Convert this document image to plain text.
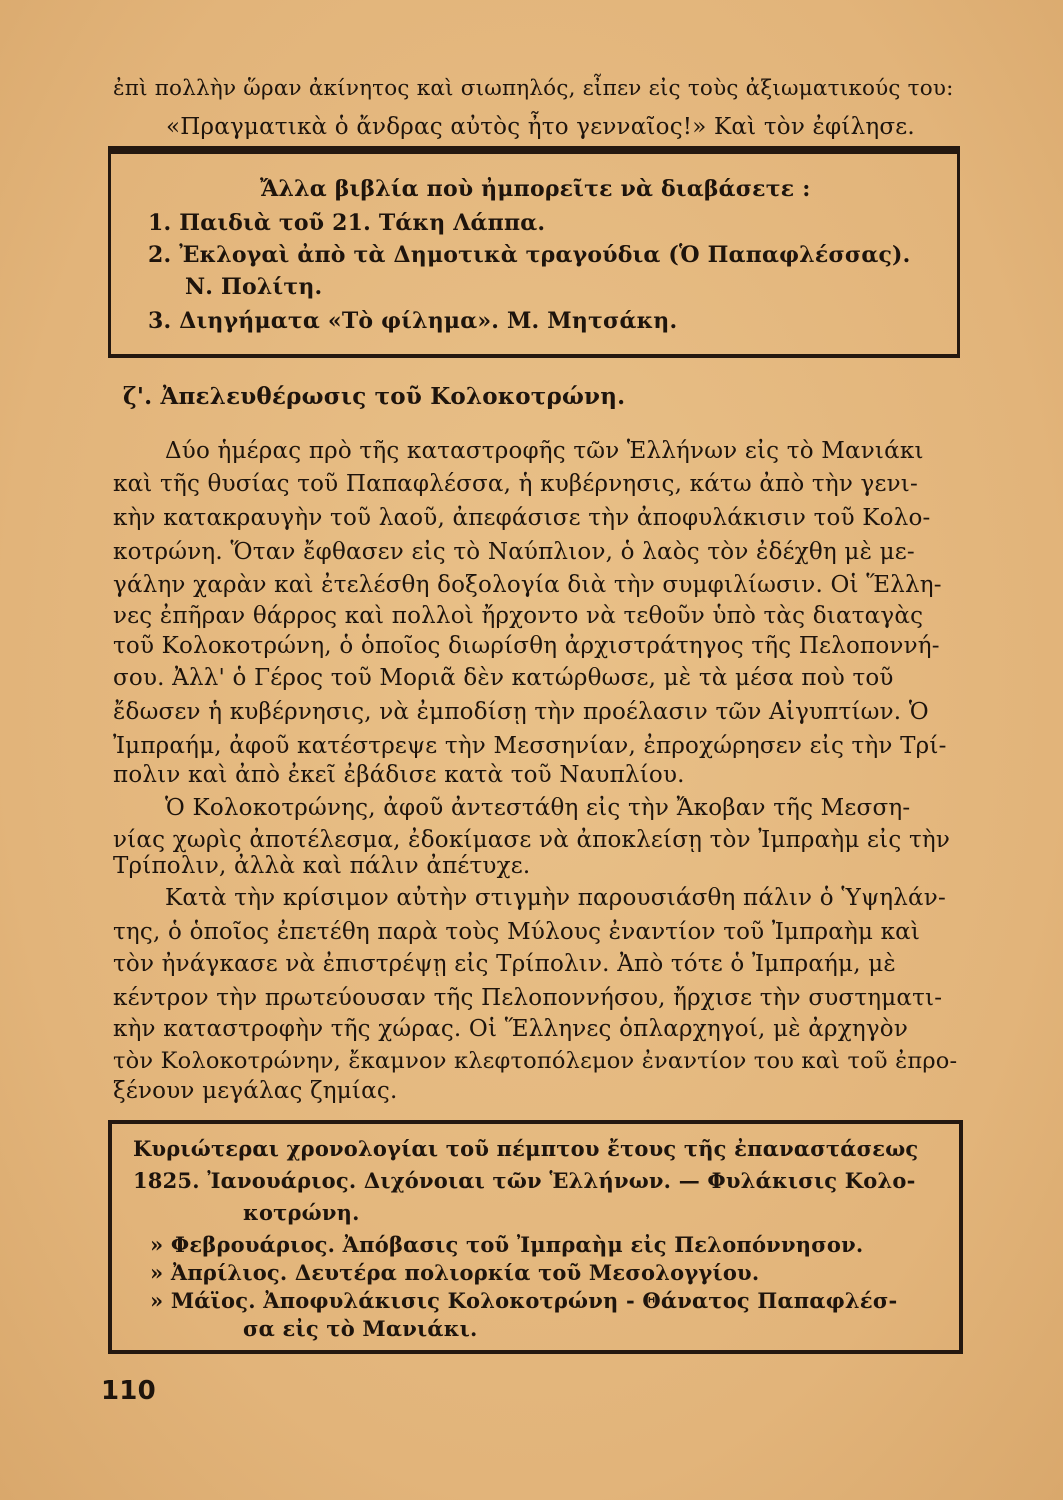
ἐπὶ πολλὴν ὥραν ἀκίνητος καὶ σιωπηλός, εἶπεν εἰς τοὺς ἀξιωματικούς του:
«Πραγματικὰ ὁ ἄνδρας αὐτὸς ἦτο γενναῖος!» Καὶ τὸν ἐφίλησε.
Ἄλλα βιβλία ποὺ ἠμπορεῖτε νὰ διαβάσετε :
1. Παιδιὰ τοῦ 21. Τάκη Λάππα.
2. Ἐκλογαὶ ἀπὸ τὰ Δημοτικὰ τραγούδια (Ὁ Παπαφλέσσας).
Ν. Πολίτη.
3. Διηγήματα «Τὸ φίλημα». Μ. Μητσάκη.
ζ'. Ἀπελευθέρωσις τοῦ Κολοκοτρώνη.
Δύο ἡμέρας πρὸ τῆς καταστροφῆς τῶν Ἑλλήνων εἰς τὸ Μανιάκι
καὶ τῆς θυσίας τοῦ Παπαφλέσσα, ἡ κυβέρνησις, κάτω ἀπὸ τὴν γενι-
κὴν κατακραυγὴν τοῦ λαοῦ, ἀπεφάσισε τὴν ἀποφυλάκισιν τοῦ Κολο-
κοτρώνη. Ὅταν ἔφθασεν εἰς τὸ Ναύπλιον, ὁ λαὸς τὸν ἐδέχθη μὲ με-
γάλην χαρὰν καὶ ἐτελέσθη δοξολογία διὰ τὴν συμφιλίωσιν. Οἱ Ἕλλη-
νες ἐπῆραν θάρρος καὶ πολλοὶ ἤρχοντο νὰ τεθοῦν ὑπὸ τὰς διαταγὰς
τοῦ Κολοκοτρώνη, ὁ ὁποῖος διωρίσθη ἀρχιστράτηγος τῆς Πελοποννή-
σου. Ἀλλ' ὁ Γέρος τοῦ Μοριᾶ δὲν κατώρθωσε, μὲ τὰ μέσα ποὺ τοῦ
ἔδωσεν ἡ κυβέρνησις, νὰ ἐμποδίσῃ τὴν προέλασιν τῶν Αἰγυπτίων. Ὁ
Ἰμπραήμ, ἀφοῦ κατέστρεψε τὴν Μεσσηνίαν, ἐπροχώρησεν εἰς τὴν Τρί-
πολιν καὶ ἀπὸ ἐκεῖ ἐβάδισε κατὰ τοῦ Ναυπλίου.
Ὁ Κολοκοτρώνης, ἀφοῦ ἀντεστάθη εἰς τὴν Ἄκοβαν τῆς Μεσση-
νίας χωρὶς ἀποτέλεσμα, ἐδοκίμασε νὰ ἀποκλείσῃ τὸν Ἰμπραὴμ εἰς τὴν
Τρίπολιν, ἀλλὰ καὶ πάλιν ἀπέτυχε.
Κατὰ τὴν κρίσιμον αὐτὴν στιγμὴν παρουσιάσθη πάλιν ὁ Ὑψηλάν-
της, ὁ ὁποῖος ἐπετέθη παρὰ τοὺς Μύλους ἐναντίον τοῦ Ἰμπραὴμ καὶ
τὸν ἠνάγκασε νὰ ἐπιστρέψῃ εἰς Τρίπολιν. Ἀπὸ τότε ὁ Ἰμπραήμ, μὲ
κέντρον τὴν πρωτεύουσαν τῆς Πελοποννήσου, ἤρχισε τὴν συστηματι-
κὴν καταστροφὴν τῆς χώρας. Οἱ Ἕλληνες ὁπλαρχηγοί, μὲ ἀρχηγὸν
τὸν Κολοκοτρώνην, ἔκαμνον κλεφτοπόλεμον ἐναντίον του καὶ τοῦ ἐπρο-
ξένουν μεγάλας ζημίας.
Κυριώτεραι χρονολογίαι τοῦ πέμπτου ἔτους τῆς ἐπαναστάσεως
1825. Ἰανουάριος. Διχόνοιαι τῶν Ἑλλήνων. — Φυλάκισις Κολο-
κοτρώνη.
» Φεβρουάριος. Ἀπόβασις τοῦ Ἰμπραὴμ εἰς Πελοπόννησον.
» Ἀπρίλιος. Δευτέρα πολιορκία τοῦ Μεσολογγίου.
» Μάϊος. Ἀποφυλάκισις Κολοκοτρώνη - Θάνατος Παπαφλέσ-
σα εἰς τὸ Μανιάκι.
110
